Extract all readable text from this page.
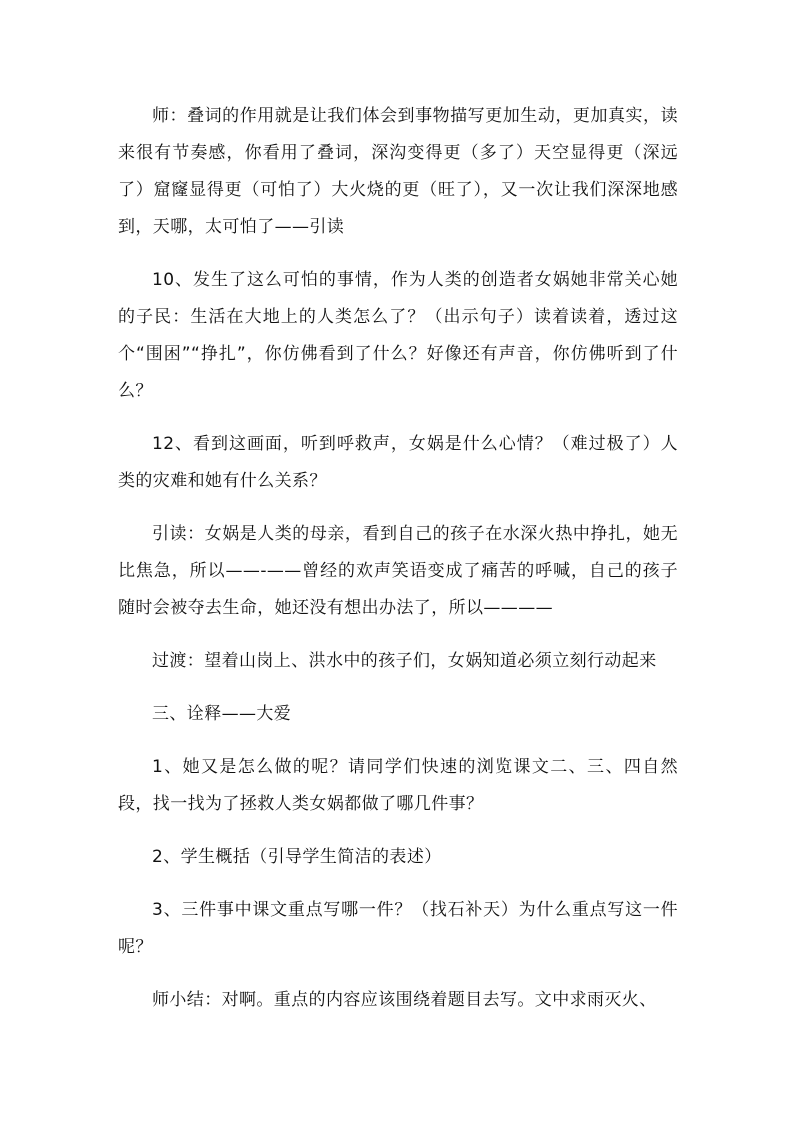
师：叠词的作用就是让我们体会到事物描写更加生动，更加真实，读来很有节奏感，你看用了叠词，深沟变得更（多了）天空显得更（深远了）窟窿显得更（可怕了）大火烧的更（旺了），又一次让我们深深地感到，天哪，太可怕了——引读

10、发生了这么可怕的事情，作为人类的创造者女娲她非常关心她的子民：生活在大地上的人类怎么了？（出示句子）读着读着，透过这个“围困”“挣扎”，你仿佛看到了什么？好像还有声音，你仿佛听到了什么？

12、看到这画面，听到呼救声，女娲是什么心情？（难过极了）人类的灾难和她有什么关系？

引读：女娲是人类的母亲，看到自己的孩子在水深火热中挣扎，她无比焦急，所以——-——曾经的欢声笑语变成了痛苦的呼喊，自己的孩子随时会被夺去生命，她还没有想出办法了，所以————

过渡：望着山岗上、洪水中的孩子们，女娲知道必须立刻行动起来

三、诠释——大爱

1、她又是怎么做的呢？请同学们快速的浏览课文二、三、四自然段，找一找为了拯救人类女娲都做了哪几件事？

2、学生概括（引导学生简洁的表述）

3、三件事中课文重点写哪一件？（找石补天）为什么重点写这一件呢？

师小结：对啊。重点的内容应该围绕着题目去写。文中求雨灭火、
